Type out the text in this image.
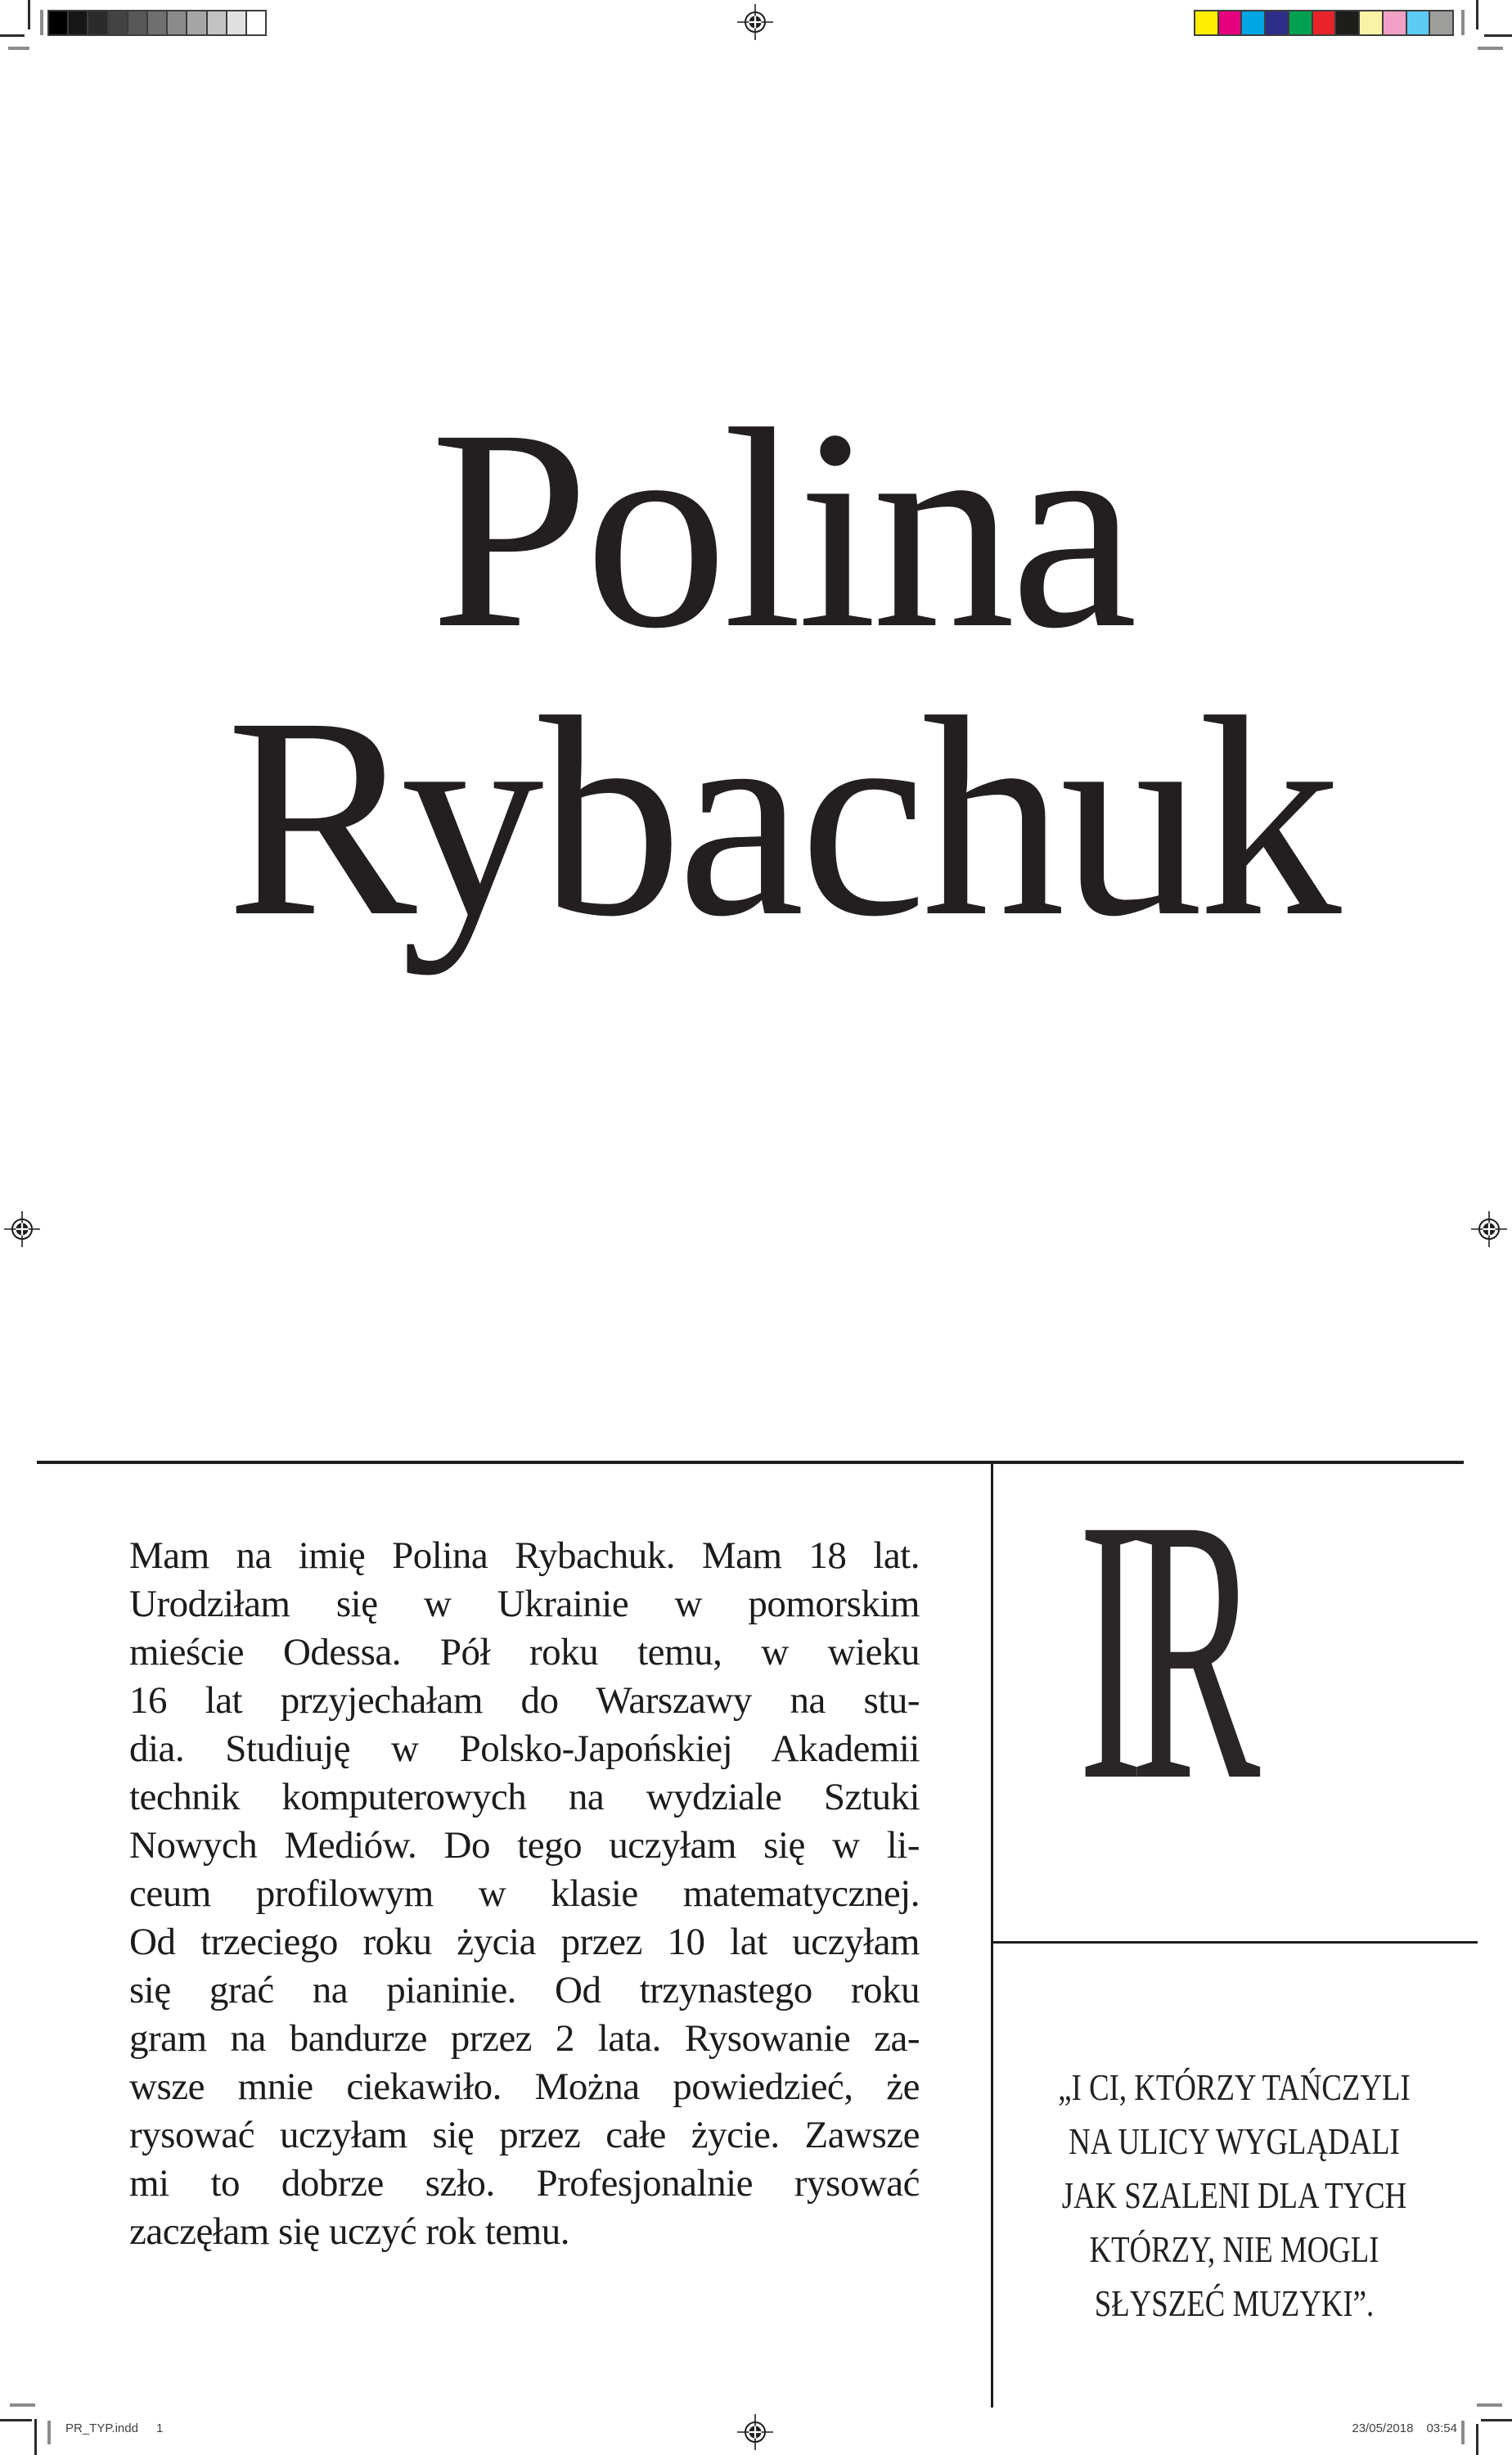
Polina
Rybachuk
Mam na imię Polina Rybachuk. Mam 18 lat.
Urodziłam się w Ukrainie w pomorskim
mieście Odessa. Pół roku temu, w wieku
16 lat przyjechałam do Warszawy na stu-
dia. Studiuję w Polsko-Japońskiej Akademii
technik komputerowych na wydziale Sztuki
Nowych Mediów. Do tego uczyłam się w li-
ceum profilowym w klasie matematycznej.
Od trzeciego roku życia przez 10 lat uczyłam
się grać na pianinie. Od trzynastego roku
gram na bandurze przez 2 lata. Rysowanie za-
wsze mnie ciekawiło. Można powiedzieć, że
rysować uczyłam się przez całe życie. Zawsze
mi to dobrze szło. Profesjonalnie rysować
zaczęłam się uczyć rok temu.
IR
„I CI, KTÓRZY TAŃCZYLI
NA ULICY WYGLĄDALI
JAK SZALENI DLA TYCH
KTÓRZY, NIE MOGLI
SŁYSZEĆ MUZYKI”.
PR_TYP.indd 1	23/05/2018 03:54
